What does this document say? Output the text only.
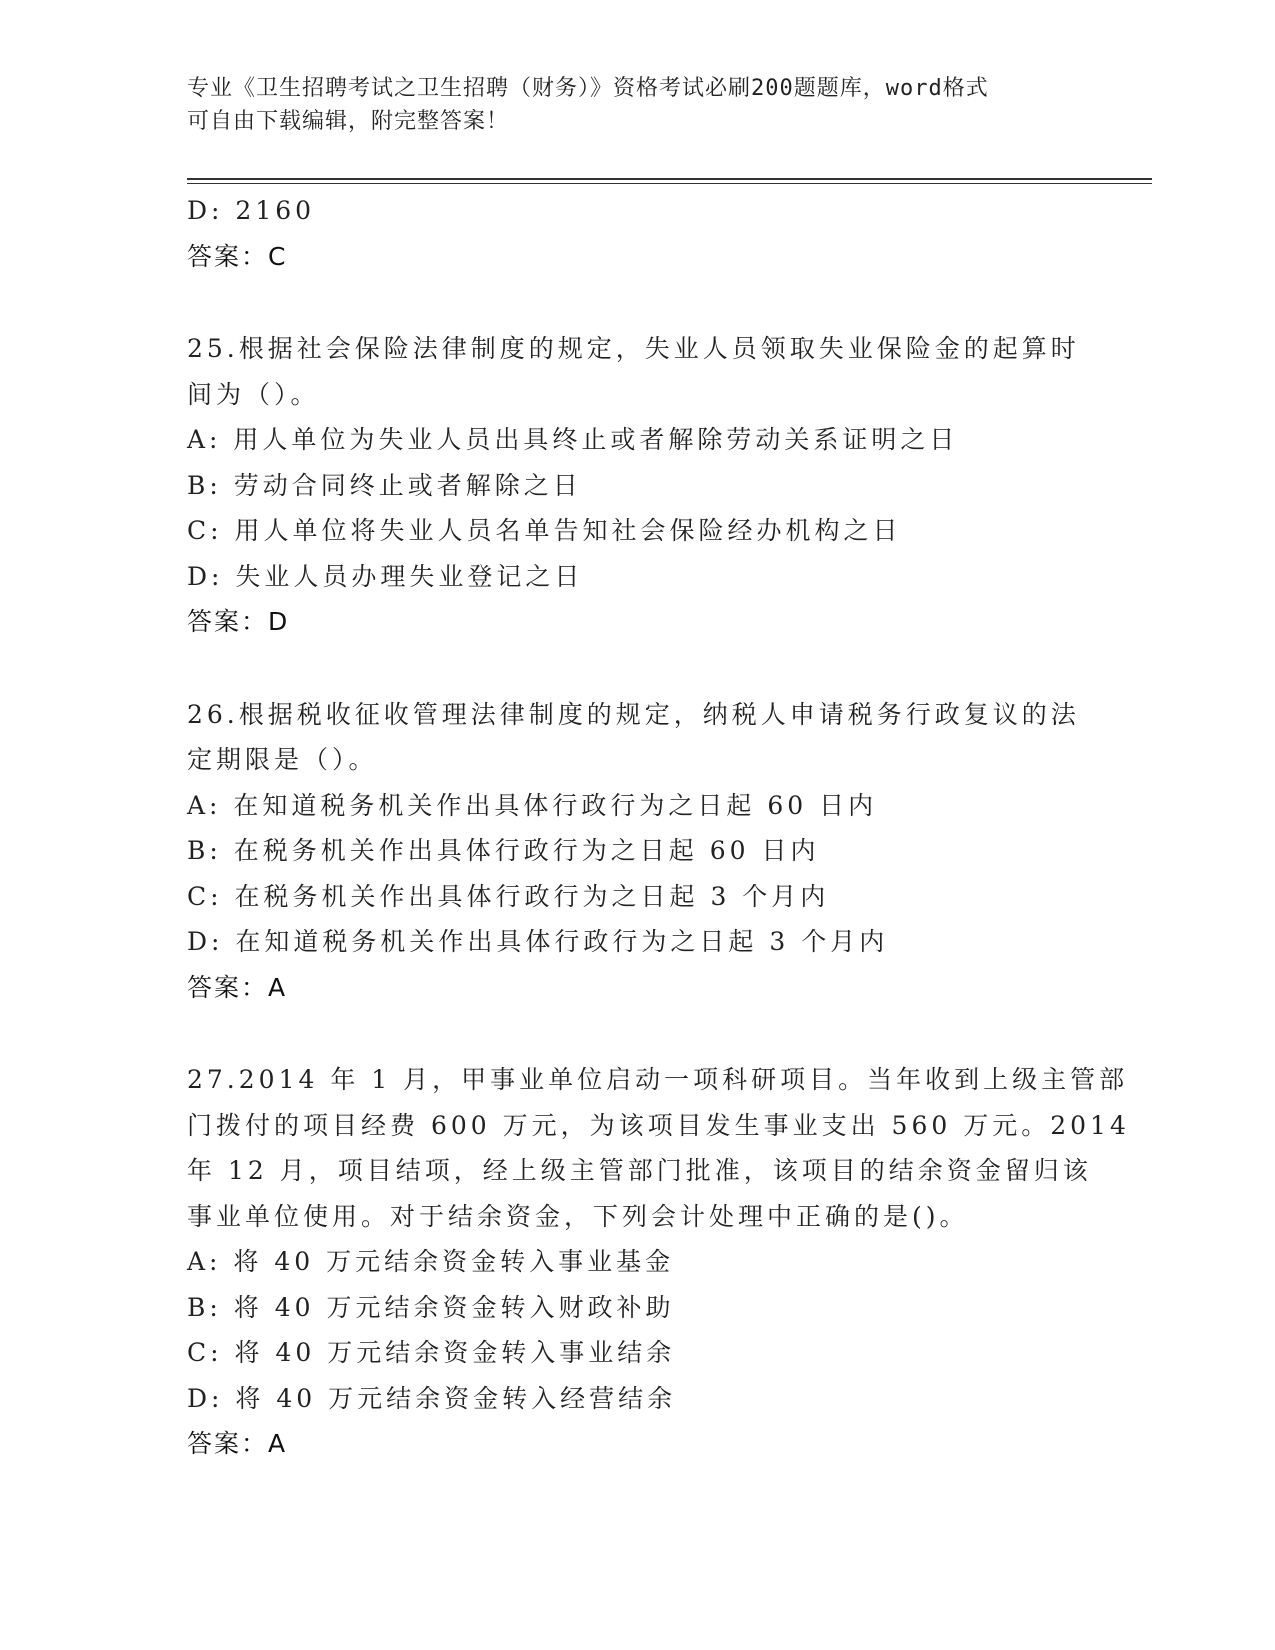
专业《卫生招聘考试之卫生招聘（财务）》资格考试必刷200题题库，word格式
可自由下载编辑，附完整答案！
D: 2160
答案：C
25.根据社会保险法律制度的规定，失业人员领取失业保险金的起算时
间为（）。
A: 用人单位为失业人员出具终止或者解除劳动关系证明之日
B: 劳动合同终止或者解除之日
C: 用人单位将失业人员名单告知社会保险经办机构之日
D: 失业人员办理失业登记之日
答案：D
26.根据税收征收管理法律制度的规定，纳税人申请税务行政复议的法
定期限是（）。
A: 在知道税务机关作出具体行政行为之日起 60 日内
B: 在税务机关作出具体行政行为之日起 60 日内
C: 在税务机关作出具体行政行为之日起 3 个月内
D: 在知道税务机关作出具体行政行为之日起 3 个月内
答案：A
27.2014 年 1 月，甲事业单位启动一项科研项目。当年收到上级主管部
门拨付的项目经费 600 万元，为该项目发生事业支出 560 万元。2014
年 12 月，项目结项，经上级主管部门批准，该项目的结余资金留归该
事业单位使用。对于结余资金，下列会计处理中正确的是()。
A: 将 40 万元结余资金转入事业基金
B: 将 40 万元结余资金转入财政补助
C: 将 40 万元结余资金转入事业结余
D: 将 40 万元结余资金转入经营结余
答案：A
